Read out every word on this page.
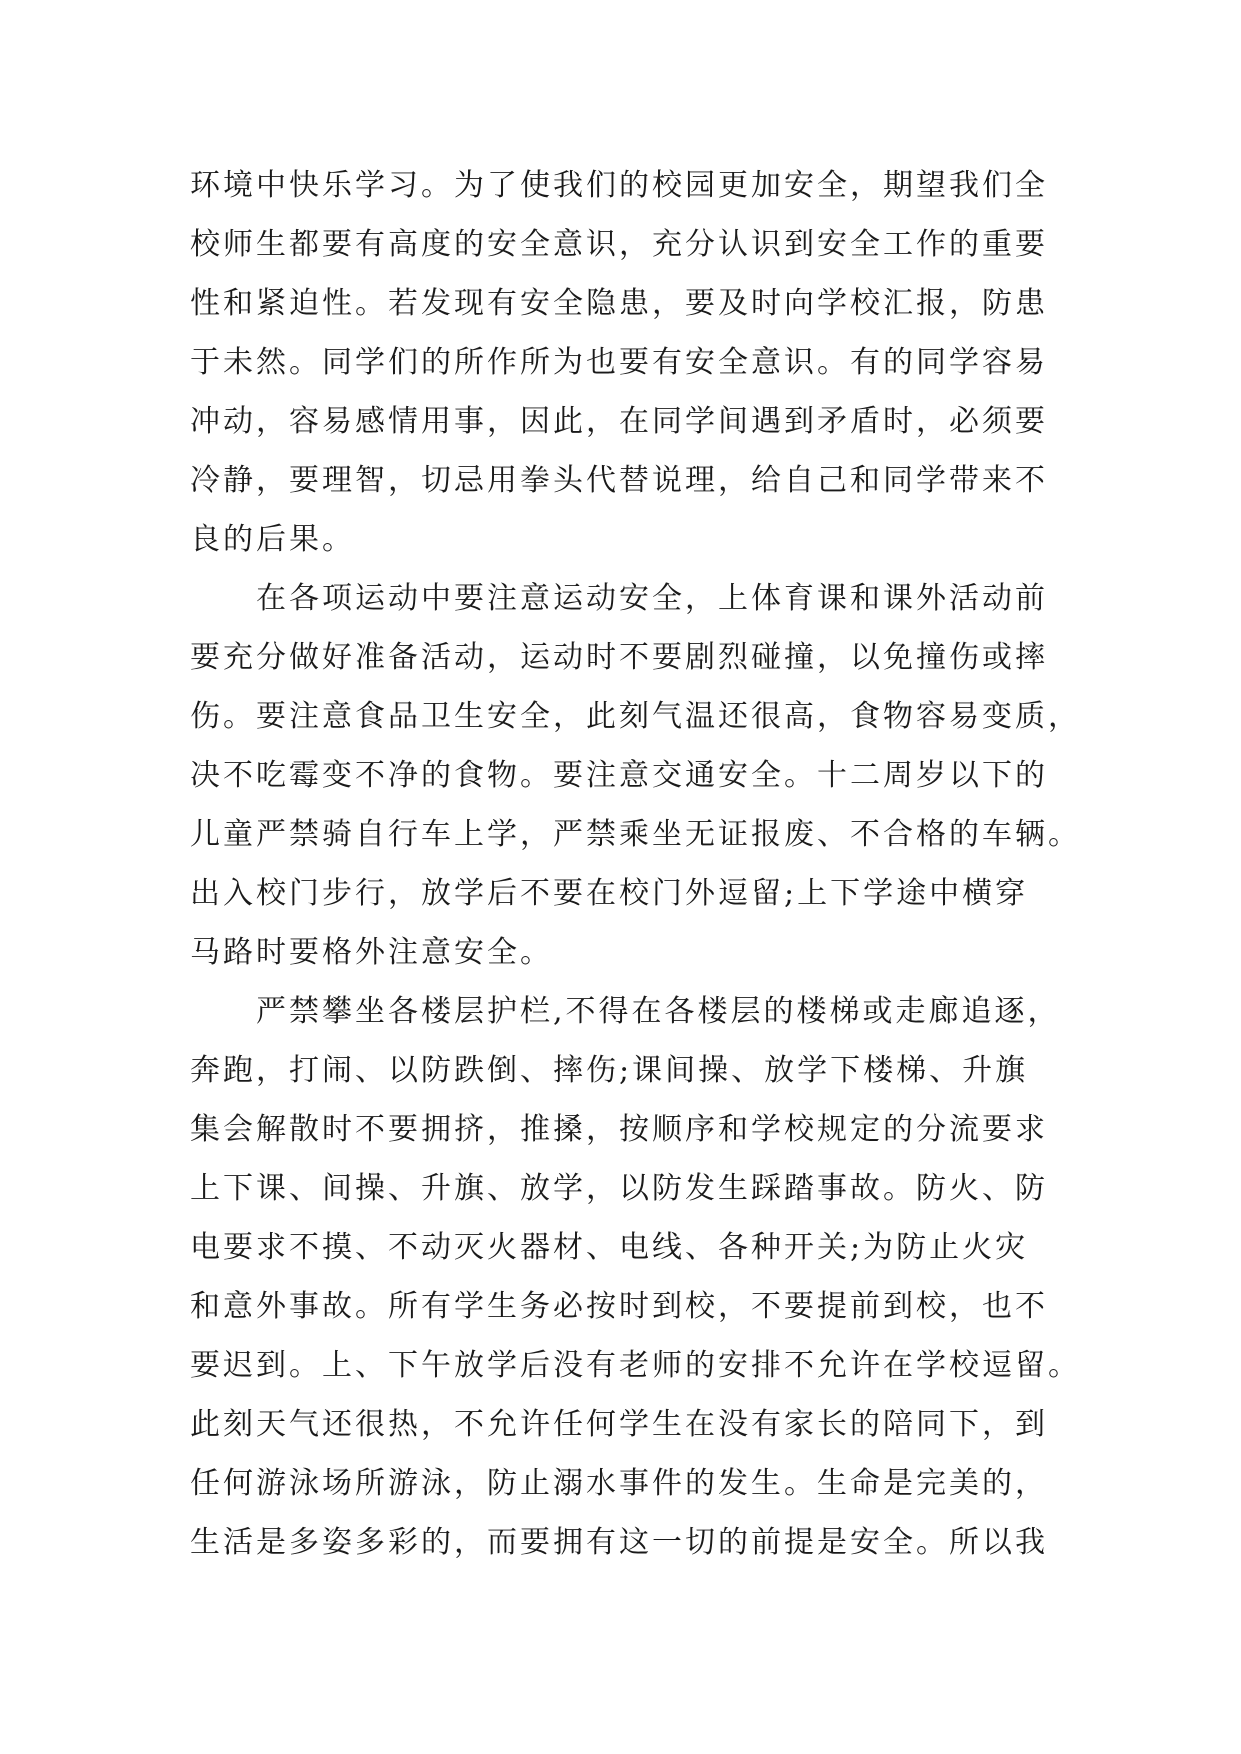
环境中快乐学习。为了使我们的校园更加安全，期望我们全
校师生都要有高度的安全意识，充分认识到安全工作的重要
性和紧迫性。若发现有安全隐患，要及时向学校汇报，防患
于未然。同学们的所作所为也要有安全意识。有的同学容易
冲动，容易感情用事，因此，在同学间遇到矛盾时，必须要
冷静，要理智，切忌用拳头代替说理，给自己和同学带来不
良的后果。

在各项运动中要注意运动安全，上体育课和课外活动前
要充分做好准备活动，运动时不要剧烈碰撞，以免撞伤或摔
伤。要注意食品卫生安全，此刻气温还很高，食物容易变质，
决不吃霉变不净的食物。要注意交通安全。十二周岁以下的
儿童严禁骑自行车上学，严禁乘坐无证报废、不合格的车辆。
出入校门步行，放学后不要在校门外逗留;上下学途中横穿
马路时要格外注意安全。

严禁攀坐各楼层护栏,不得在各楼层的楼梯或走廊追逐，
奔跑，打闹、以防跌倒、摔伤;课间操、放学下楼梯、升旗
集会解散时不要拥挤，推搡，按顺序和学校规定的分流要求
上下课、间操、升旗、放学，以防发生踩踏事故。防火、防
电要求不摸、不动灭火器材、电线、各种开关;为防止火灾
和意外事故。所有学生务必按时到校，不要提前到校，也不
要迟到。上、下午放学后没有老师的安排不允许在学校逗留。
此刻天气还很热，不允许任何学生在没有家长的陪同下，到
任何游泳场所游泳，防止溺水事件的发生。生命是完美的，
生活是多姿多彩的，而要拥有这一切的前提是安全。所以我
